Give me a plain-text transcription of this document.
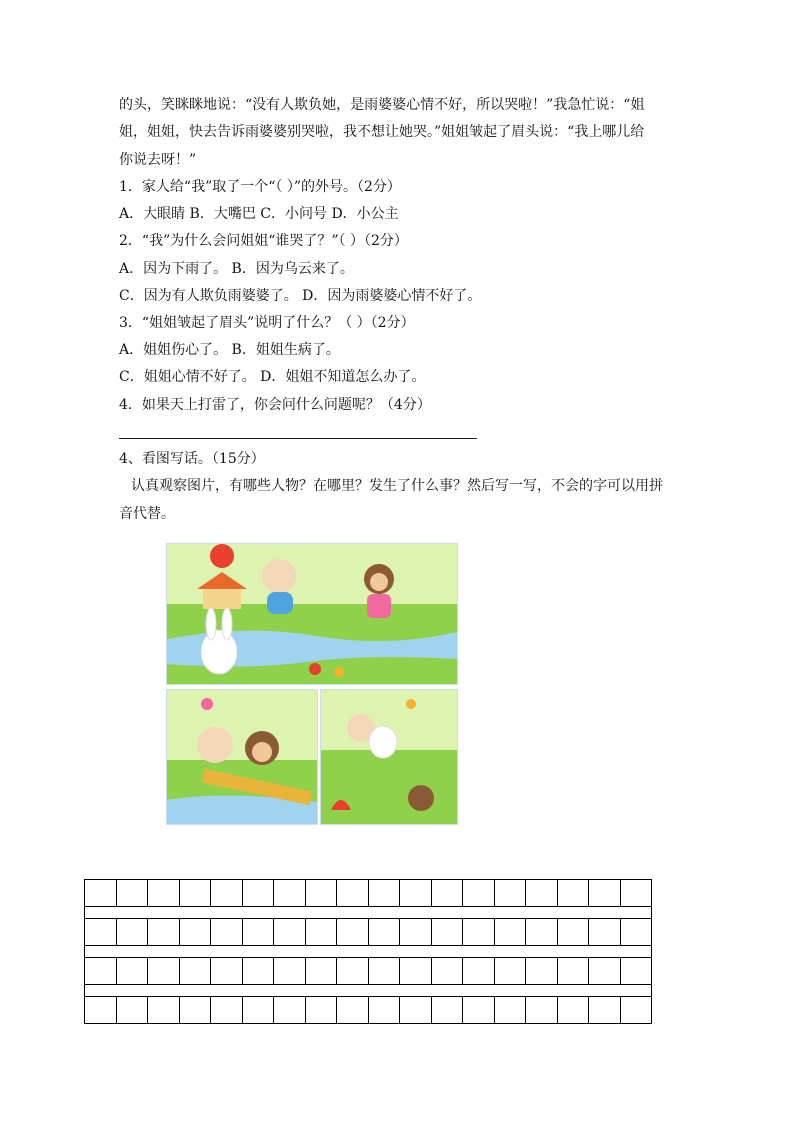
的头，笑眯眯地说：“没有人欺负她，是雨婆婆心情不好，所以哭啦！”我急忙说：“姐
姐，姐姐，快去告诉雨婆婆别哭啦，我不想让她哭。”姐姐皱起了眉头说：“我上哪儿给
你说去呀！”
1．家人给“我”取了一个“（ ）”的外号。（2分）
A．大眼睛 B．大嘴巴 C．小问号 D．小公主
2．“我”为什么会问姐姐“谁哭了？”（ ）（2分）
A．因为下雨了。 B．因为乌云来了。
C．因为有人欺负雨婆婆了。 D．因为雨婆婆心情不好了。
3．“姐姐皱起了眉头”说明了什么？（ ）（2分）
A．姐姐伤心了。 B．姐姐生病了。
C．姐姐心情不好了。 D．姐姐不知道怎么办了。
4．如果天上打雷了，你会问什么问题呢？（4分）
4、看图写话。（15分）
认真观察图片，有哪些人物？在哪里？发生了什么事？然后写一写，不会的字可以用拼
音代替。
